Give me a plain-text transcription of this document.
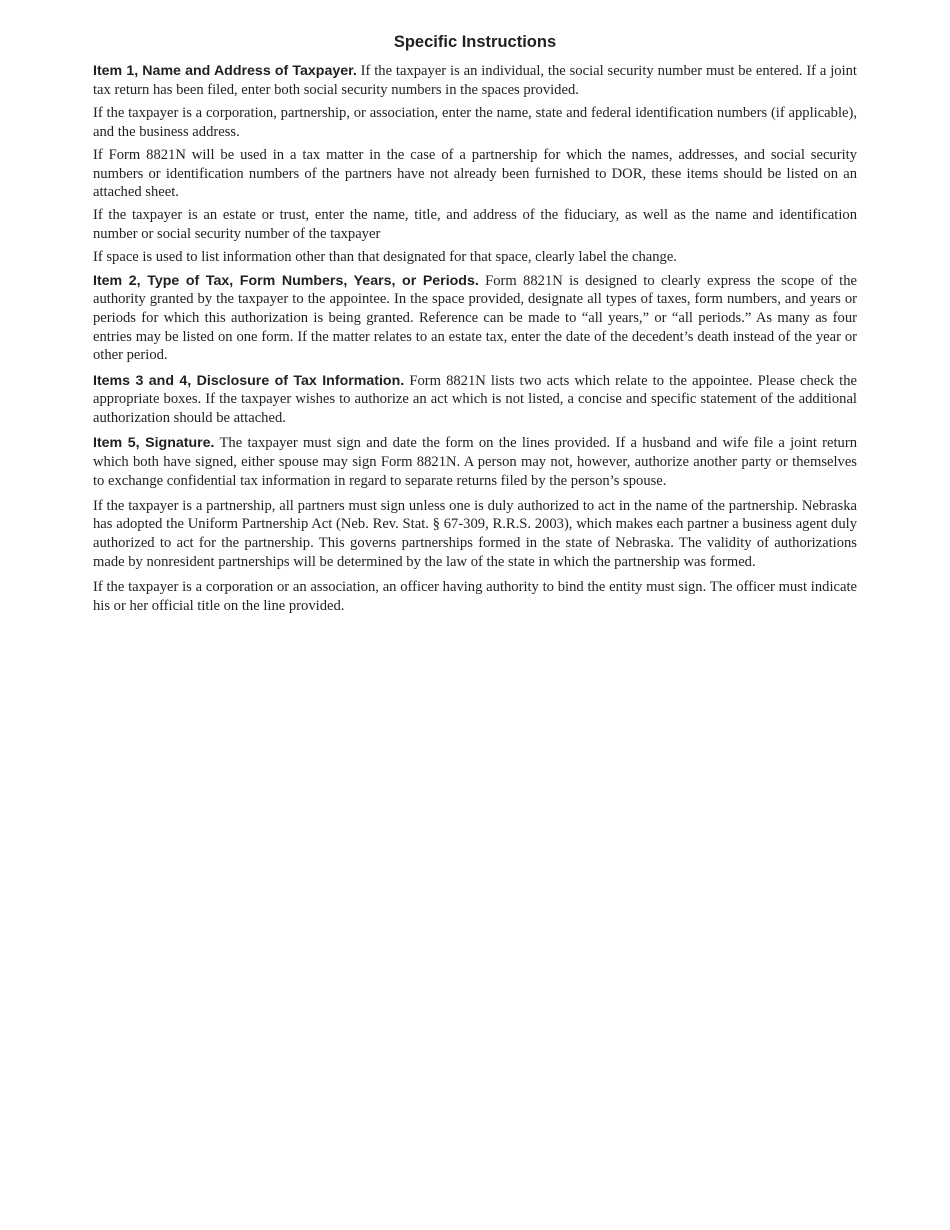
Specific Instructions

Item 1, Name and Address of Taxpayer. If the taxpayer is an individual, the social security number must be entered. If a joint tax return has been filed, enter both social security numbers in the spaces provided.

If the taxpayer is a corporation, partnership, or association, enter the name, state and federal identification numbers (if applicable), and the business address.

If Form 8821N will be used in a tax matter in the case of a partnership for which the names, addresses, and social security numbers or identification numbers of the partners have not already been furnished to DOR, these items should be listed on an attached sheet.

If the taxpayer is an estate or trust, enter the name, title, and address of the fiduciary, as well as the name and identification number or social security number of the taxpayer

If space is used to list information other than that designated for that space, clearly label the change.

Item 2, Type of Tax, Form Numbers, Years, or Periods. Form 8821N is designed to clearly express the scope of the authority granted by the taxpayer to the appointee. In the space provided, designate all types of taxes, form numbers, and years or periods for which this authorization is being granted. Reference can be made to “all years,” or “all periods.” As many as four entries may be listed on one form. If the matter relates to an estate tax, enter the date of the decedent’s death instead of the year or other period.

Items 3 and 4, Disclosure of Tax Information. Form 8821N lists two acts which relate to the appointee. Please check the appropriate boxes. If the taxpayer wishes to authorize an act which is not listed, a concise and specific statement of the additional authorization should be attached.

Item 5, Signature. The taxpayer must sign and date the form on the lines provided. If a husband and wife file a joint return which both have signed, either spouse may sign Form 8821N. A person may not, however, authorize another party or themselves to exchange confidential tax information in regard to separate returns filed by the person’s spouse.

If the taxpayer is a partnership, all partners must sign unless one is duly authorized to act in the name of the partnership. Nebraska has adopted the Uniform Partnership Act (Neb. Rev. Stat. § 67-309, R.R.S. 2003), which makes each partner a business agent duly authorized to act for the partnership. This governs partnerships formed in the state of Nebraska. The validity of authorizations made by nonresident partnerships will be determined by the law of the state in which the partnership was formed.

If the taxpayer is a corporation or an association, an officer having authority to bind the entity must sign. The officer must indicate his or her official title on the line provided.
